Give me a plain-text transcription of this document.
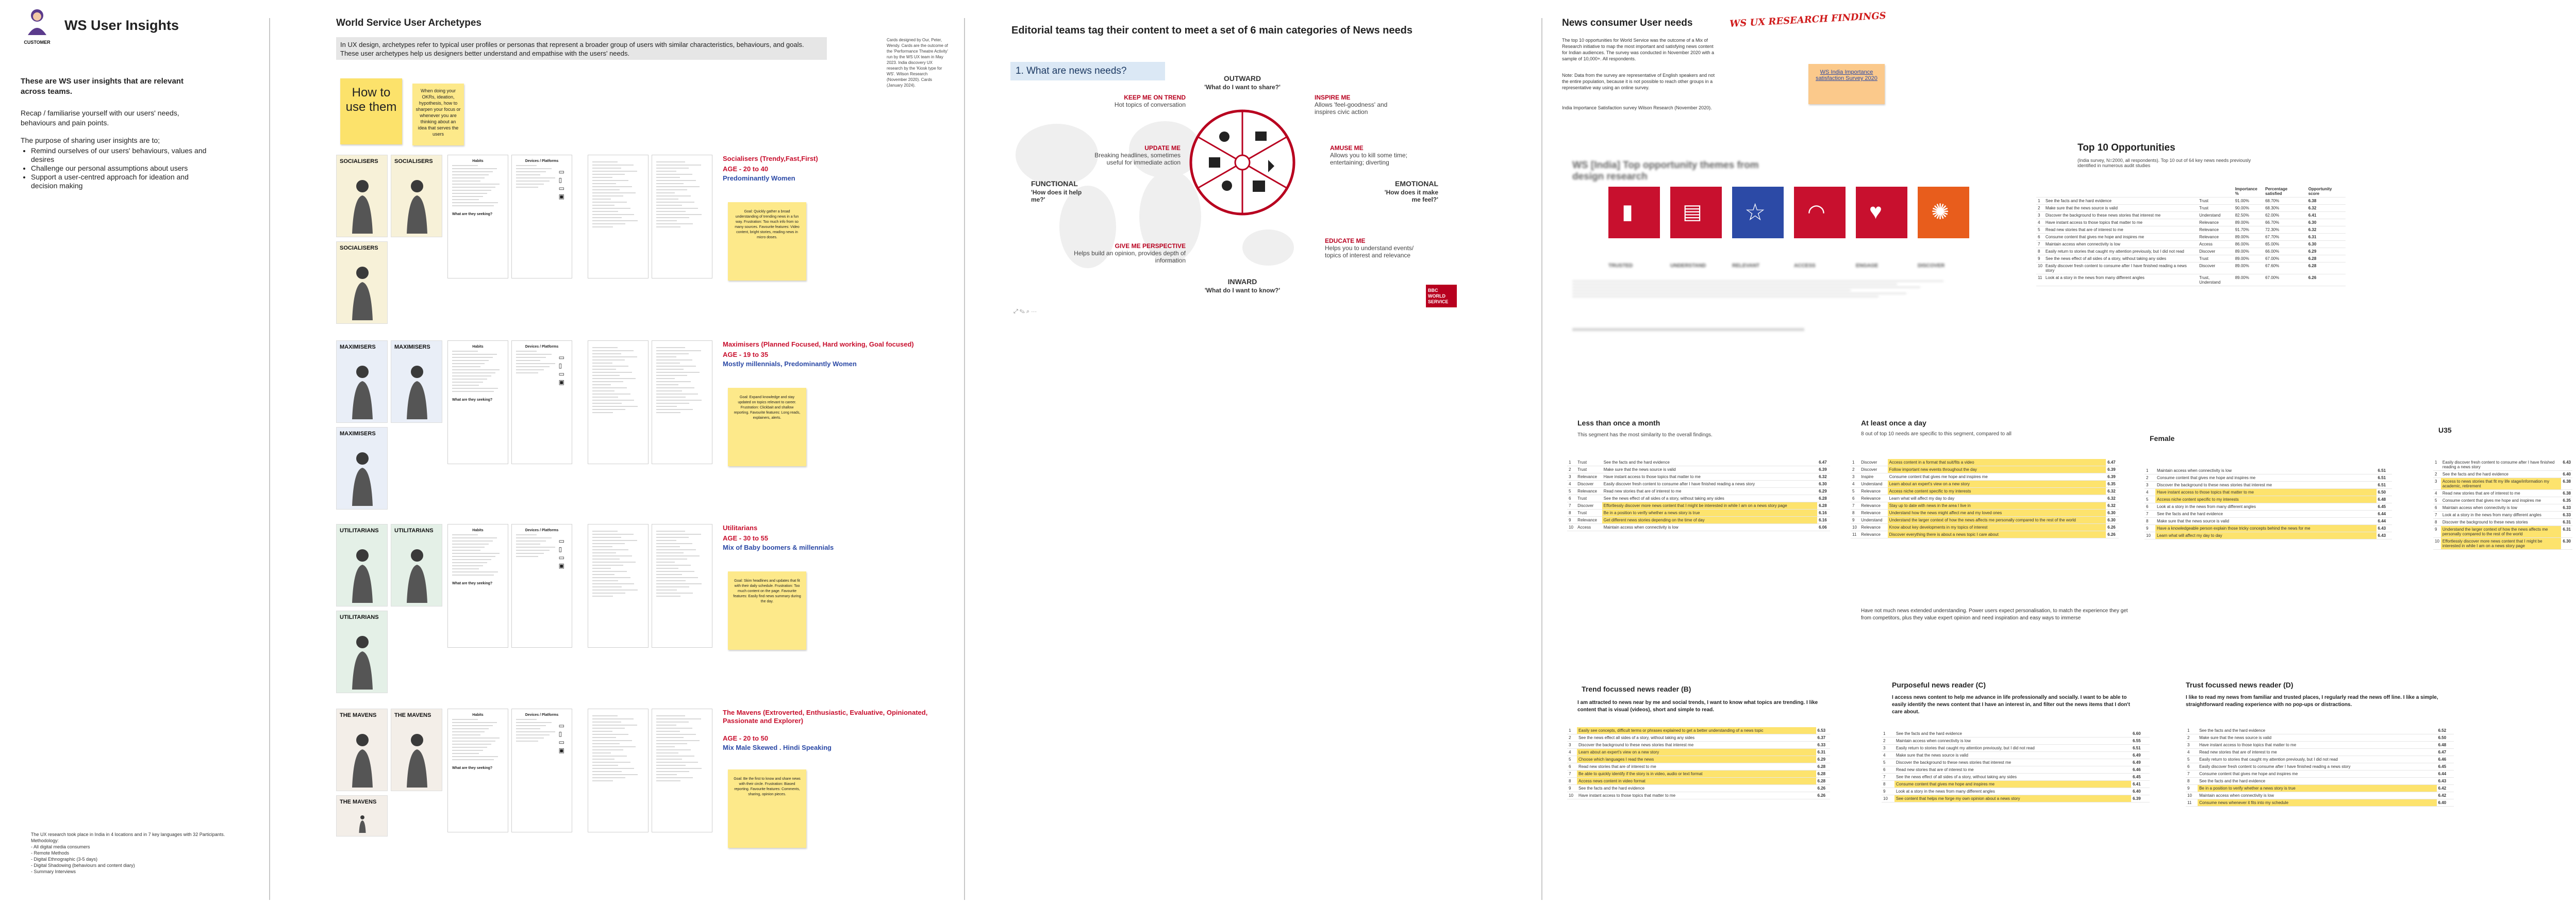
CUSTOMER
WS User Insights
These are WS user insights that are relevant across teams.
Recap / familiarise yourself with our users' needs, behaviours and pain points.
The purpose of sharing user insights are to;
• Remind ourselves of our users' behaviours, values and desires
• Challenge our personal assumptions about users
• Support a user-centred approach for ideation and decision making
The UX research took place in India in 4 locations and in 7 key languages with 32 Participants.
Methodology:
- All digital media consumers
- Remote Methods
- Digital Ethnographic (3-5 days)
- Digital Shadowing (behaviours and content diary)
- Summary Interviews
World Service User Archetypes
In UX design, archetypes refer to typical user profiles or personas that represent a broader group of users with similar characteristics, behaviours, and goals. These user archetypes help us designers better understand and empathise with the users' needs.
Cards designed by Our, Peter, Wendy. Cards are the outcome of the 'Performance Theatre Activity' run by the WS UX team in May 2023. India discovery UX research by the 'Kiosk type for WS'. Wilson Research (November 2020). Cards (January 2024).
How to use them
When doing your OKRs, ideation, hypothesis, how to sharpen your focus or whenever you are thinking about an idea that serves the users
SOCIALISERS	SOCIALISERS
SOCIALISERS
Habits
What are they seeking?
Devices / Platforms
▭
▯
▭
▣
Socialisers (Trendy,Fast,First)
AGE - 20 to 40
Predominantly Women
Goal: Quickly gather a broad understanding of trending news in a fun way. Frustration: Too much info from so many sources. Favourite features: Video content, bright stories, reading news in micro doses.
MAXIMISERS	MAXIMISERS
MAXIMISERS
Habits
What are they seeking?
Devices / Platforms
▭
▯
▭
▣
Maximisers (Planned Focused, Hard working, Goal focused)
AGE - 19 to 35
Mostly millennials, Predominantly Women
Goal: Expand knowledge and stay updated on topics relevant to career. Frustration: Clickbait and shallow reporting. Favourite features: Long reads, explainers, alerts.
UTILITARIANS	UTILITARIANS
UTILITARIANS
Habits
What are they seeking?
Devices / Platforms
▭
▯
▭
▣
Utilitarians
AGE - 30 to 55
Mix of Baby boomers & millennials
Goal: Skim headlines and updates that fit with their daily schedule. Frustration: Too much content on the page. Favourite features: Easily find news summary during the day.
THE MAVENS	THE MAVENS
THE MAVENS
Habits
What are they seeking?
Devices / Platforms
▭
▯
▭
▣
The Mavens (Extroverted, Enthusiastic, Evaluative, Opinionated, Passionate and Explorer)
AGE - 20 to 50
Mix Male Skewed . Hindi Speaking
Goal: Be the first to know and share news with their circle. Frustration: Biased reporting. Favourite features: Comments, sharing, opinion pieces.
Editorial teams tag their content to meet a set of 6 main categories of News needs
1. What are news needs?
OUTWARD
'What do I want to share?'
INWARD
'What do I want to know?'
FUNCTIONAL
'How does it help me?'
EMOTIONAL
'How does it make me feel?'
KEEP ME ON TREND
Hot topics of conversation
INSPIRE ME
Allows 'feel-goodness' and inspires civic action
AMUSE ME
Allows you to kill some time; entertaining; diverting
EDUCATE ME
Helps you to understand events/ topics of interest and relevance
GIVE ME PERSPECTIVE
Helps build an opinion, provides depth of information
UPDATE ME
Breaking headlines, sometimes useful for immediate action
BBC WORLD SERVICE
⤢ ✎ ⌕ ⋯
News consumer User needs	WS UX RESEARCH FINDINGS
The top 10 opportunities for World Service was the outcome of a Mix of Research initiative to map the most important and satisfying news content for Indian audiences. The survey was conducted in November 2020 with a sample of 10,000+. All respondents.
Note: Data from the survey are representative of English speakers and not the entire population, because it is not possible to reach other groups in a representative way using an online survey.
India Importance Satisfaction survey Wilson Research (November 2020).
WS India Importance satisfaction Survey 2020
WS [India] Top opportunity themes from design research
▮ ▤ ☆ ◠ ♥ ✺
TRUSTED	UNDERSTAND	RELEVANT	ACCESS	ENGAGE	DISCOVER
Top 10 Opportunities
(India survey, N=2000, all respondents). Top 10 out of 64 key news needs previously identified in numerous audit studies
			Importance %	Percentage satisfied	Opportunity score
1	See the facts and the hard evidence	Trust	91.00%	68.70%	6.38
2	Make sure that the news source is valid	Trust	90.00%	68.30%	6.32
3	Discover the background to these news stories that interest me	Understand	82.50%	62.00%	6.41
4	Have instant access to those topics that matter to me	Relevance	89.00%	66.70%	6.30
5	Read new stories that are of interest to me	Relevance	91.70%	72.30%	6.32
6	Consume content that gives me hope and inspires me	Relevance	89.00%	67.70%	6.31
7	Maintain access when connectivity is low	Access	86.00%	65.00%	6.30
8	Easily return to stories that caught my attention previously, but I did not read	Discover	89.00%	66.00%	6.29
9	See the news effect of all sides of a story, without taking any sides	Trust	89.00%	67.00%	6.28
10	Easily discover fresh content to consume after I have finished reading a news story	Discover	89.00%	67.60%	6.28
11	Look at a story in the news from many different angles	Trust, Understand	89.00%	67.00%	6.26
Less than once a month
This segment has the most similarity to the overall findings.
1	Trust	See the facts and the hard evidence	6.47
2	Trust	Make sure that the news source is valid	6.39
3	Relevance	Have instant access to those topics that matter to me	6.32
4	Discover	Easily discover fresh content to consume after I have finished reading a news story	6.30
5	Relevance	Read new stories that are of interest to me	6.29
6	Trust	See the news effect of all sides of a story, without taking any sides	6.28
7	Discover	Effortlessly discover more news content that I might be interested in while I am on a news story page	6.28
8	Trust	Be in a position to verify whether a news story is true	6.16
9	Relevance	Get different news stories depending on the time of day	6.16
10	Access	Maintain access when connectivity is low	6.06
At least once a day
8 out of top 10 needs are specific to this segment, compared to all
1	Discover	Access content in a format that suit/fits a video	6.47
2	Discover	Follow important new events throughout the day	6.39
3	Inspire	Consume content that gives me hope and inspires me	6.39
4	Understand	Learn about an expert's view on a new story	6.35
5	Relevance	Access niche content specific to my interests	6.32
6	Relevance	Learn what will affect my day to day	6.32
7	Relevance	Stay up to date with news in the area I live in	6.32
8	Relevance	Understand how the news might affect me and my loved ones	6.30
9	Understand	Understand the larger context of how the news affects me personally compared to the rest of the world	6.30
10	Relevance	Know about key developments in my topics of interest	6.26
11	Relevance	Discover everything there is about a news topic I care about	6.26
Have not much news extended understanding. Power users expect personalisation, to match the experience they get from competitors, plus they value expert opinion and need inspiration and easy ways to immerse
Female
1	Maintain access when connectivity is low	6.51
2	Consume content that gives me hope and inspires me	6.51
3	Discover the background to these news stories that interest me	6.51
4	Have instant access to those topics that matter to me	6.50
5	Access niche content specific to my interests	6.48
6	Look at a story in the news from many different angles	6.45
7	See the facts and the hard evidence	6.44
8	Make sure that the news source is valid	6.44
9	Have a knowledgeable person explain those tricky concepts behind the news for me	6.43
10	Learn what will affect my day to day	6.43
U35
1	Easily discover fresh content to consume after I have finished reading a news story	6.43
2	See the facts and the hard evidence	6.40
3	Access to news stories that fit my life stage/information my academic, retirement	6.38
4	Read new stories that are of interest to me	6.38
5	Consume content that gives me hope and inspires me	6.35
6	Maintain access when connectivity is low	6.33
7	Look at a story in the news from many different angles	6.33
8	Discover the background to these news stories	6.31
9	Understand the larger context of how the news affects me personally compared to the rest of the world	6.31
10	Effortlessly discover more news content that I might be interested in while I am on a news story page	6.30
Trend focussed news reader (B)
I am attracted to news near by me and social trends, I want to know what topics are trending. I like content that is visual (videos), short and simple to read.
1	Easily see concepts, difficult terms or phrases explained to get a better understanding of a news topic	6.53
2	See the news effect all sides of a story, without taking any sides	6.37
3	Discover the background to these news stories that interest me	6.33
4	Learn about an expert's view on a new story	6.31
5	Choose which languages I read the news	6.29
6	Read new stories that are of interest to me	6.28
7	Be able to quickly identify if the story is in video, audio or text format	6.28
8	Access news content in video format	6.28
9	See the facts and the hard evidence	6.26
10	Have instant access to those topics that matter to me	6.26
Purposeful news reader (C)
I access news content to help me advance in life professionally and socially. I want to be able to easily identify the news content that I have an interest in, and filter out the news items that I don't care about.
1	See the facts and the hard evidence	6.60
2	Maintain access when connectivity is low	6.55
3	Easily return to stories that caught my attention previously, but I did not read	6.51
4	Make sure that the news source is valid	6.49
5	Discover the background to these news stories that interest me	6.49
6	Read new stories that are of interest to me	6.46
7	See the news effect of all sides of a story, without taking any sides	6.45
8	Consume content that gives me hope and inspires me	6.41
9	Look at a story in the news from many different angles	6.40
10	See content that helps me forge my own opinion about a news story	6.39
Trust focussed news reader (D)
I like to read my news from familiar and trusted places, I regularly read the news off line. I like a simple, straightforward reading experience with no pop-ups or distractions.
1	See the facts and the hard evidence	6.52
2	Make sure that the news source is valid	6.50
3	Have instant access to those topics that matter to me	6.48
4	Read new stories that are of interest to me	6.47
5	Easily return to stories that caught my attention previously, but I did not read	6.46
6	Easily discover fresh content to consume after I have finished reading a news story	6.45
7	Consume content that gives me hope and inspires me	6.44
8	See the facts and the hard evidence	6.43
9	Be in a position to verify whether a news story is true	6.42
10	Maintain access when connectivity is low	6.42
11	Consume news whenever it fits into my schedule	6.40
